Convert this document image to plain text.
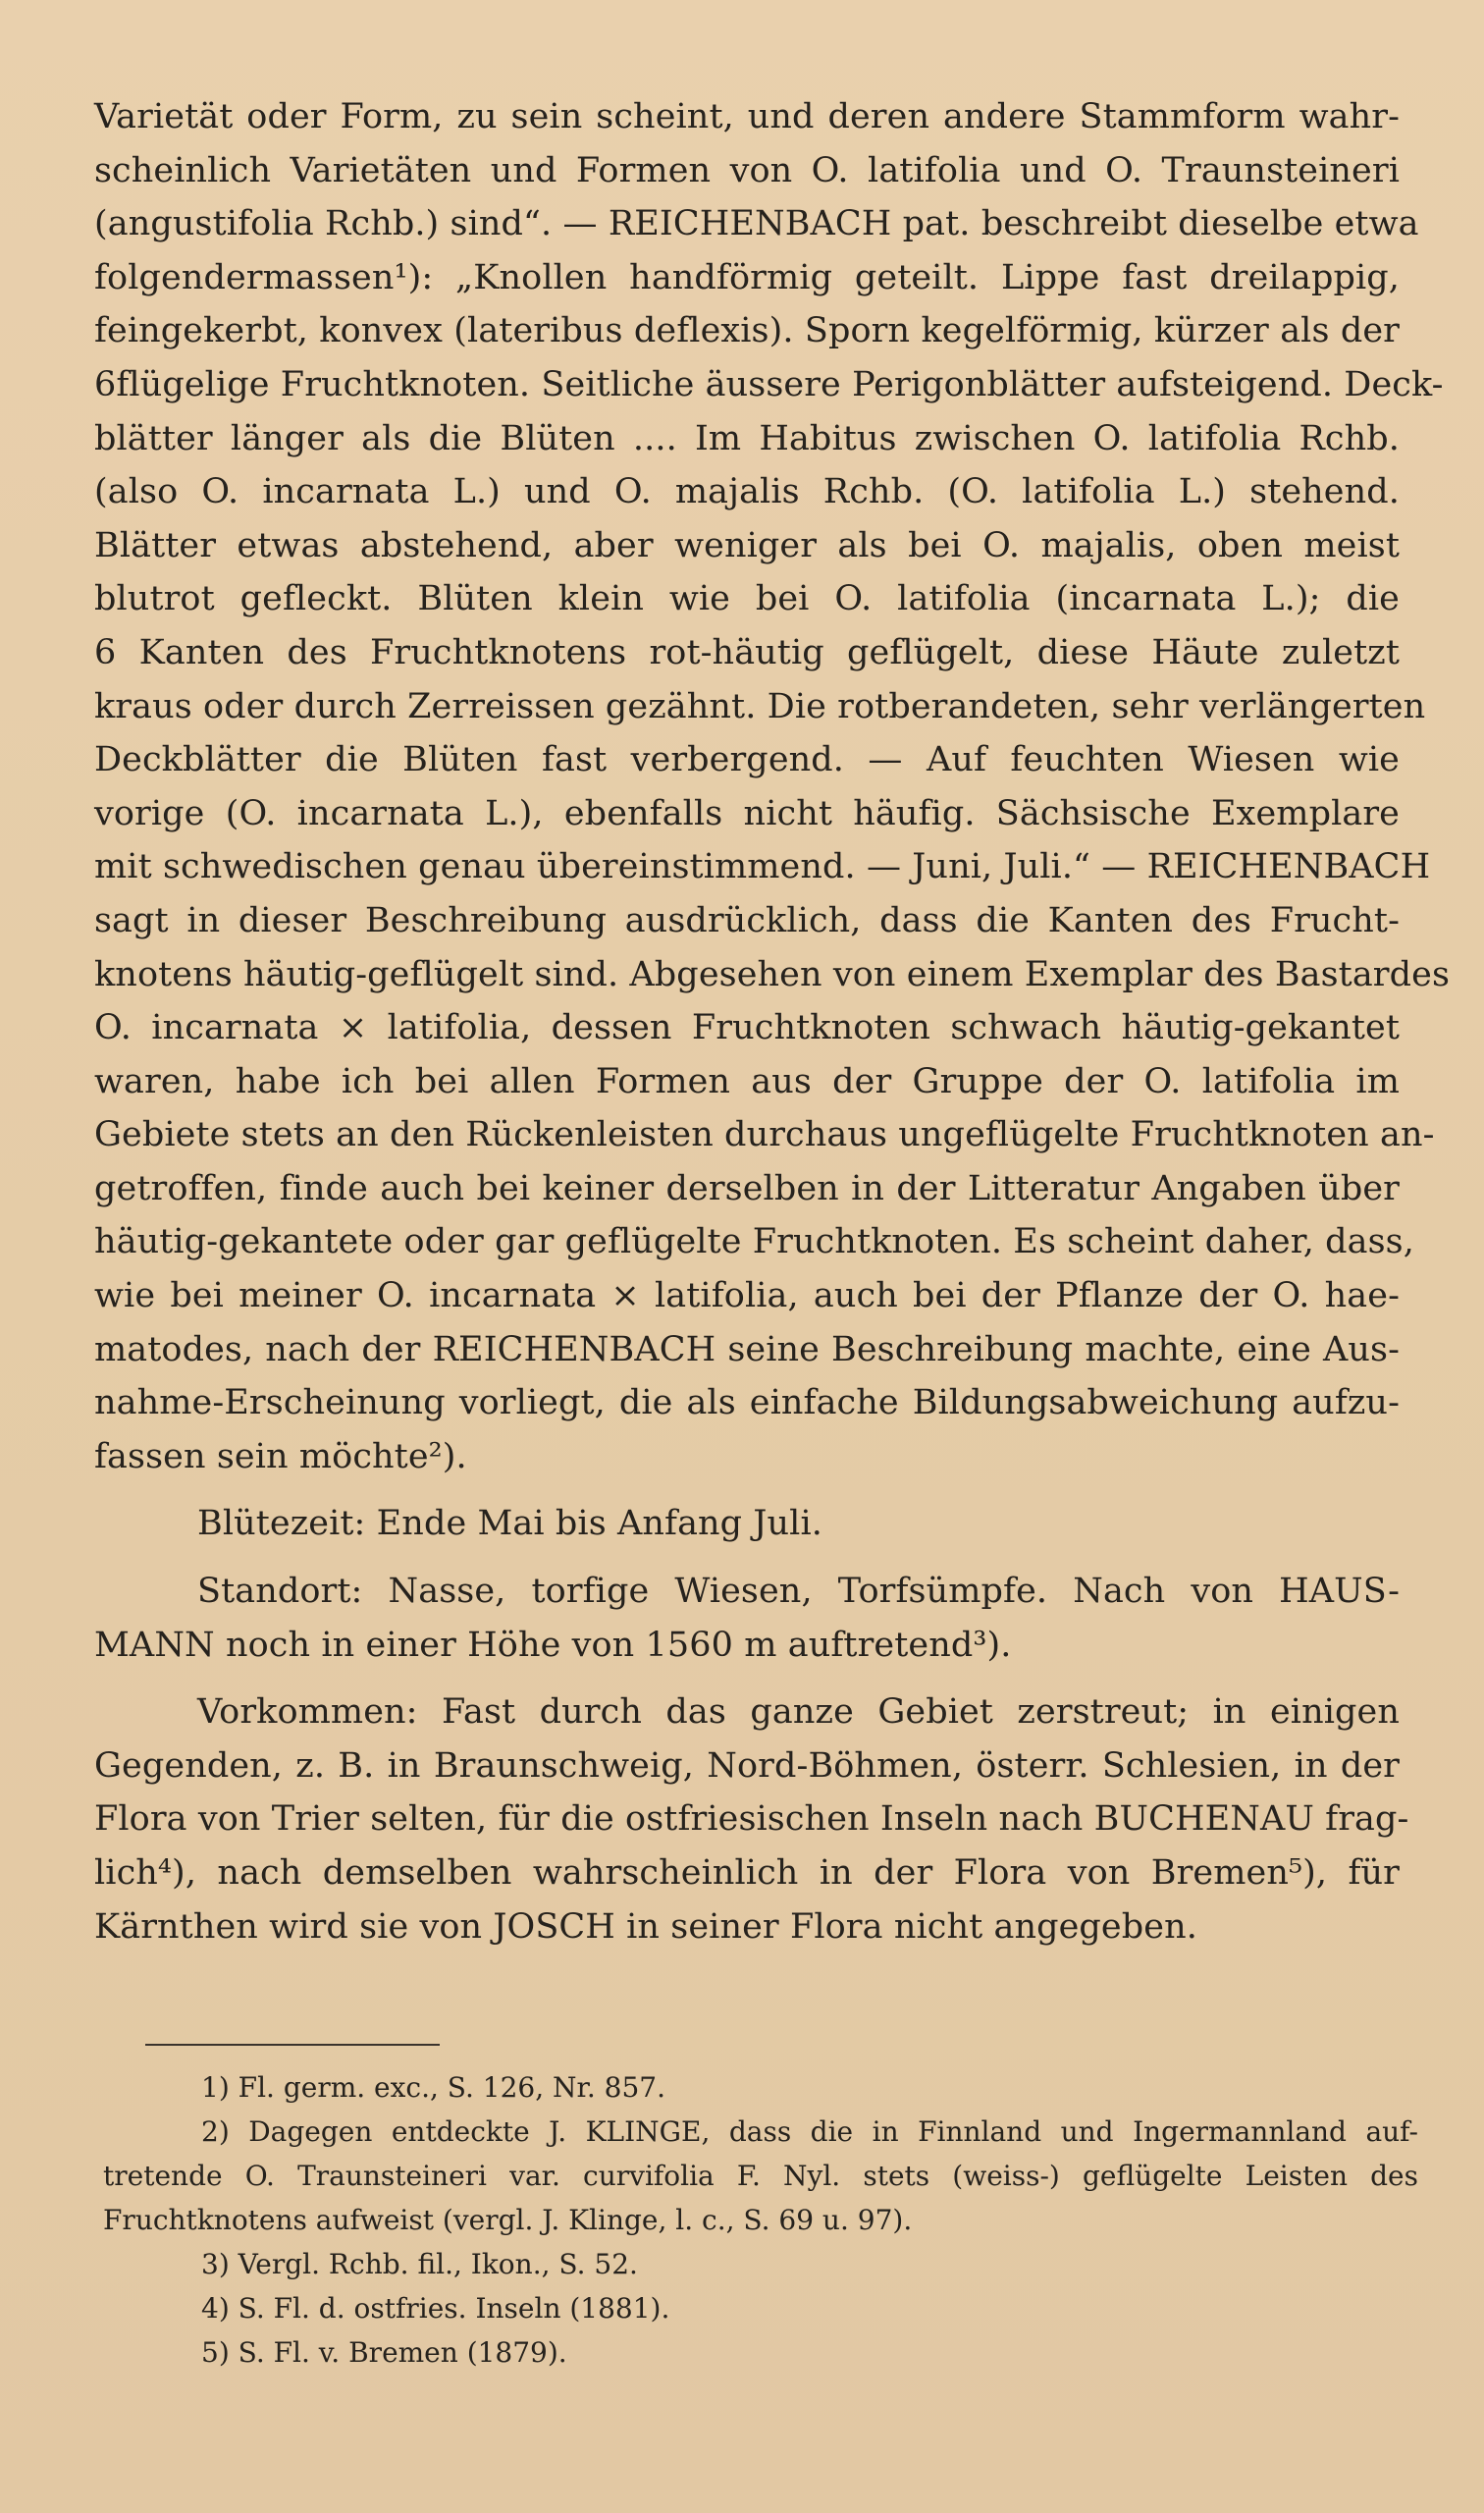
Varietät oder Form, zu sein scheint, und deren andere Stammform wahr-
scheinlich Varietäten und Formen von O. latifolia und O. Traunsteineri
(angustifolia Rchb.) sind“. — REICHENBACH pat. beschreibt dieselbe etwa
folgendermassen¹): „Knollen handförmig geteilt. Lippe fast dreilappig,
feingekerbt, konvex (lateribus deflexis). Sporn kegelförmig, kürzer als der
6flügelige Fruchtknoten. Seitliche äussere Perigonblätter aufsteigend. Deck-
blätter länger als die Blüten .... Im Habitus zwischen O. latifolia Rchb.
(also O. incarnata L.) und O. majalis Rchb. (O. latifolia L.) stehend.
Blätter etwas abstehend, aber weniger als bei O. majalis, oben meist
blutrot gefleckt. Blüten klein wie bei O. latifolia (incarnata L.); die
6 Kanten des Fruchtknotens rot-häutig geflügelt, diese Häute zuletzt
kraus oder durch Zerreissen gezähnt. Die rotberandeten, sehr verlängerten
Deckblätter die Blüten fast verbergend. — Auf feuchten Wiesen wie
vorige (O. incarnata L.), ebenfalls nicht häufig. Sächsische Exemplare
mit schwedischen genau übereinstimmend. — Juni, Juli.“ — REICHENBACH
sagt in dieser Beschreibung ausdrücklich, dass die Kanten des Frucht-
knotens häutig-geflügelt sind. Abgesehen von einem Exemplar des Bastardes
O. incarnata × latifolia, dessen Fruchtknoten schwach häutig-gekantet
waren, habe ich bei allen Formen aus der Gruppe der O. latifolia im
Gebiete stets an den Rückenleisten durchaus ungeflügelte Fruchtknoten an-
getroffen, finde auch bei keiner derselben in der Litteratur Angaben über
häutig-gekantete oder gar geflügelte Fruchtknoten. Es scheint daher, dass,
wie bei meiner O. incarnata × latifolia, auch bei der Pflanze der O. hae-
matodes, nach der REICHENBACH seine Beschreibung machte, eine Aus-
nahme-Erscheinung vorliegt, die als einfache Bildungsabweichung aufzu-
fassen sein möchte²).
Blütezeit: Ende Mai bis Anfang Juli.
Standort: Nasse, torfige Wiesen, Torfsümpfe. Nach von HAUS-
MANN noch in einer Höhe von 1560 m auftretend³).
Vorkommen: Fast durch das ganze Gebiet zerstreut; in einigen
Gegenden, z. B. in Braunschweig, Nord-Böhmen, österr. Schlesien, in der
Flora von Trier selten, für die ostfriesischen Inseln nach BUCHENAU frag-
lich⁴), nach demselben wahrscheinlich in der Flora von Bremen⁵), für
Kärnthen wird sie von JOSCH in seiner Flora nicht angegeben.
1) Fl. germ. exc., S. 126, Nr. 857.
2) Dagegen entdeckte J. KLINGE, dass die in Finnland und Ingermannland auf-
tretende O. Traunsteineri var. curvifolia F. Nyl. stets (weiss-) geflügelte Leisten des
Fruchtknotens aufweist (vergl. J. Klinge, l. c., S. 69 u. 97).
3) Vergl. Rchb. fil., Ikon., S. 52.
4) S. Fl. d. ostfries. Inseln (1881).
5) S. Fl. v. Bremen (1879).
